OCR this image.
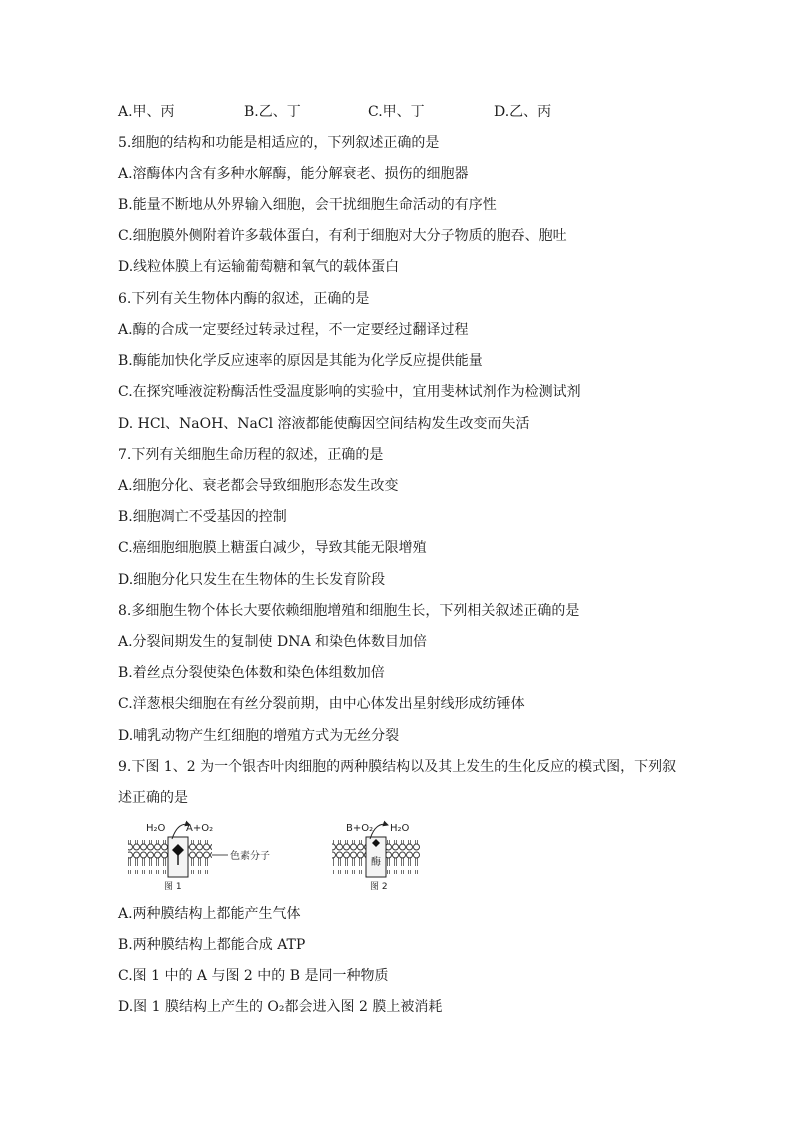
A.甲、丙	B.乙、丁	C.甲、丁	D.乙、丙
5.细胞的结构和功能是相适应的，下列叙述正确的是
A.溶酶体内含有多种水解酶，能分解衰老、损伤的细胞器
B.能量不断地从外界输入细胞，会干扰细胞生命活动的有序性
C.细胞膜外侧附着许多载体蛋白，有利于细胞对大分子物质的胞吞、胞吐
D.线粒体膜上有运输葡萄糖和氧气的载体蛋白
6.下列有关生物体内酶的叙述，正确的是
A.酶的合成一定要经过转录过程，不一定要经过翻译过程
B.酶能加快化学反应速率的原因是其能为化学反应提供能量
C.在探究唾液淀粉酶活性受温度影响的实验中，宜用斐林试剂作为检测试剂
D. HCl、NaOH、NaCl 溶液都能使酶因空间结构发生改变而失活
7.下列有关细胞生命历程的叙述，正确的是
A.细胞分化、衰老都会导致细胞形态发生改变
B.细胞凋亡不受基因的控制
C.癌细胞细胞膜上糖蛋白减少，导致其能无限增殖
D.细胞分化只发生在生物体的生长发育阶段
8.多细胞生物个体长大要依赖细胞增殖和细胞生长，下列相关叙述正确的是
A.分裂间期发生的复制使 DNA 和染色体数目加倍
B.着丝点分裂使染色体数和染色体组数加倍
C.洋葱根尖细胞在有丝分裂前期，由中心体发出星射线形成纺锤体
D.哺乳动物产生红细胞的增殖方式为无丝分裂
9.下图 1、2 为一个银杏叶肉细胞的两种膜结构以及其上发生的生化反应的模式图，下列叙
述正确的是
H₂O A+O₂
色素分子
图 1
酶
B+O₂ H₂O
图 2
A.两种膜结构上都能产生气体
B.两种膜结构上都能合成 ATP
C.图 1 中的 A 与图 2 中的 B 是同一种物质
D.图 1 膜结构上产生的 O₂都会进入图 2 膜上被消耗
